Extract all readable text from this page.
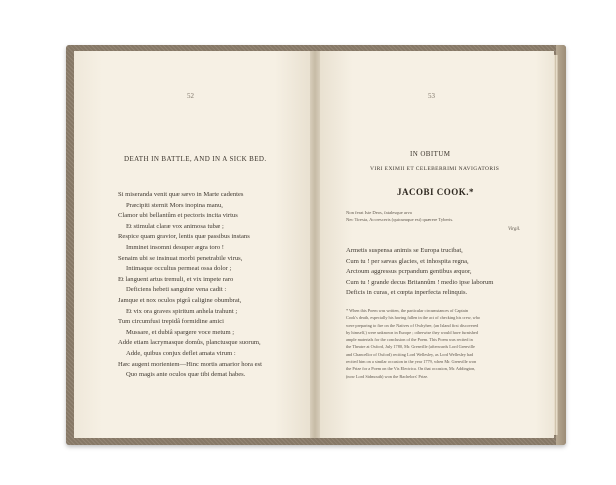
52
DEATH IN BATTLE, AND IN A SICK BED.
Si miseranda venit quæ sævo in Marte cadentes
Præcipiti sternit Mors inopina manu,
Clamor ubi bellantûm et pectoris incita virtus
Et stimulat claræ vox animosa tubæ ;
Respice quam gravior, lentis quæ passibus instans
Imminet insomni desuper ægra toro !
Senaim ubi se insinuat morbi penetrabile virus,
Intimaque occultus permeat ossa dolor ;
Et languent artus tremuli, et vix impete raro
Deficiens hebeti sanguine vena cadit :
Jamque et nox oculos pigrâ caligine obumbrat,
Et vix ora graves spiritum anhela trahunt ;
Tum circumfusi trepidâ formidine amici
Mussare, et dubiâ spargere voce metum ;
Adde etiam lacrymasque domûs, planctusque suorum,
Adde, quibus conjux deflet amata virum :
Hæc augent morientem—Hinc mortis amarior hora est
Quo magis ante oculos quæ tibi demat habes.
53
IN OBITUM
VIRI EXIMII ET CELEBERRIMI NAVIGATORIS
JACOBI COOK.*
Non ferat Iste Deos, fatalesque arva
Nec Tiresia, Accresceris (quicumque est) quærere Tyberis.
Virgil.
Armetis suspensa animis se Europa trucibat,
Cum tu ! per sævas glacies, et inhospita regna,
Arctoum aggressus pcrpandum gentibus æquor,
Cum tu ! grande decus Britannûm ! medio ipse laborum
Deficis in curas, et cœpta inperfecta relinquis.
* When this Poem was written, the particular circumstances of Captain
Cook's death, especially his having fallen in the act of checking his crew, who
were preparing to fire on the Natives of Owhyhee, (an Island first discovered
by himself,) were unknown in Europe ; otherwise they would have furnished
ample materials for the conclusion of the Poem. This Poem was recited in
the Theatre at Oxford, July 1780, Mr. Grenville (afterwards Lord Grenville
and Chancellor of Oxford) reciting Lord Wellesley, as Lord Wellesley had
recited him on a similar occasion in the year 1779, when Mr. Grenville won
the Prize for a Poem on the Vis Electrica. On that occasion, Mr. Addington,
(now Lord Sidmouth) won the Bachelors' Prize.
